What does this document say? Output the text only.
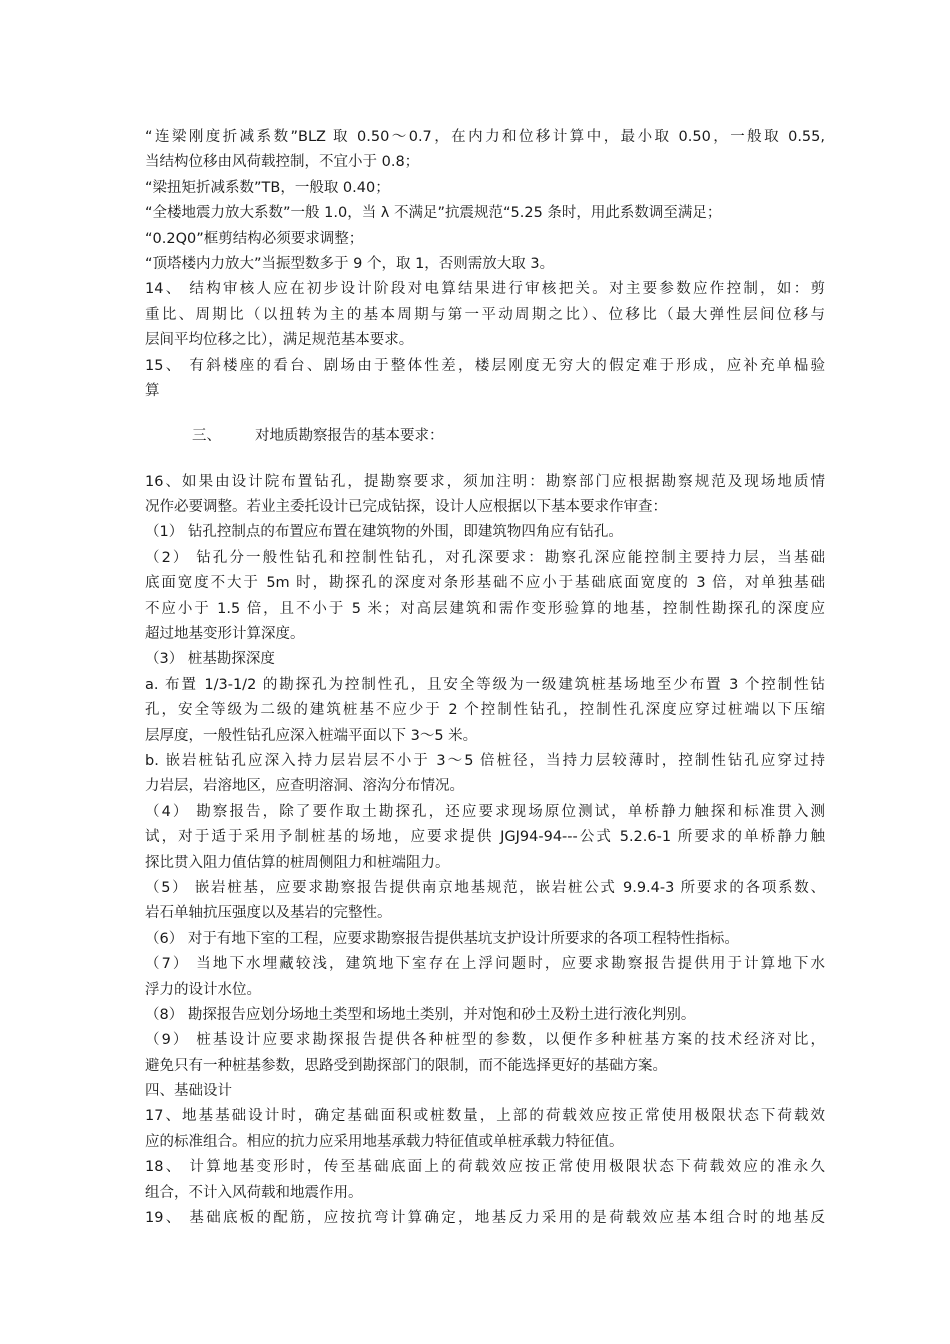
“连梁刚度折减系数”BLZ 取 0.50～0.7，在内力和位移计算中，最小取 0.50，一般取 0.55,
当结构位移由风荷载控制，不宜小于 0.8；
“梁扭矩折减系数”TB，一般取 0.40；
“全楼地震力放大系数”一般 1.0，当 λ 不满足”抗震规范“5.25 条时，用此系数调至满足；
“0.2Q0”框剪结构必须要求调整；
“顶塔楼内力放大”当振型数多于 9 个，取 1，否则需放大取 3。
14、 结构审核人应在初步设计阶段对电算结果进行审核把关。对主要参数应作控制，如：剪
重比、周期比（以扭转为主的基本周期与第一平动周期之比）、位移比（最大弹性层间位移与
层间平均位移之比），满足规范基本要求。
15、 有斜楼座的看台、剧场由于整体性差，楼层刚度无穷大的假定难于形成，应补充单榀验
算
三、 对地质勘察报告的基本要求：
16、如果由设计院布置钻孔，提勘察要求，须加注明：勘察部门应根据勘察规范及现场地质情
况作必要调整。若业主委托设计已完成钻探，设计人应根据以下基本要求作审查：
（1） 钻孔控制点的布置应布置在建筑物的外围，即建筑物四角应有钻孔。
（2） 钻孔分一般性钻孔和控制性钻孔，对孔深要求：勘察孔深应能控制主要持力层，当基础
底面宽度不大于 5m 时，勘探孔的深度对条形基础不应小于基础底面宽度的 3 倍，对单独基础
不应小于 1.5 倍，且不小于 5 米；对高层建筑和需作变形验算的地基，控制性勘探孔的深度应
超过地基变形计算深度。
（3） 桩基勘探深度
a. 布置 1/3-1/2 的勘探孔为控制性孔，且安全等级为一级建筑桩基场地至少布置 3 个控制性钻
孔，安全等级为二级的建筑桩基不应少于 2 个控制性钻孔，控制性孔深度应穿过桩端以下压缩
层厚度，一般性钻孔应深入桩端平面以下 3～5 米。
b. 嵌岩桩钻孔应深入持力层岩层不小于 3～5 倍桩径，当持力层较薄时，控制性钻孔应穿过持
力岩层，岩溶地区，应查明溶洞、溶沟分布情况。
（4） 勘察报告，除了要作取土勘探孔，还应要求现场原位测试，单桥静力触探和标准贯入测
试，对于适于采用予制桩基的场地，应要求提供 JGJ94-94---公式 5.2.6-1 所要求的单桥静力触
探比贯入阻力值估算的桩周侧阻力和桩端阻力。
（5） 嵌岩桩基，应要求勘察报告提供南京地基规范，嵌岩桩公式 9.9.4-3 所要求的各项系数、
岩石单轴抗压强度以及基岩的完整性。
（6） 对于有地下室的工程，应要求勘察报告提供基坑支护设计所要求的各项工程特性指标。
（7） 当地下水埋藏较浅，建筑地下室存在上浮问题时，应要求勘察报告提供用于计算地下水
浮力的设计水位。
（8） 勘探报告应划分场地土类型和场地土类别，并对饱和砂土及粉土进行液化判别。
（9） 桩基设计应要求勘探报告提供各种桩型的参数，以便作多种桩基方案的技术经济对比，
避免只有一种桩基参数，思路受到勘探部门的限制，而不能选择更好的基础方案。
四、基础设计
17、地基基础设计时，确定基础面积或桩数量，上部的荷载效应按正常使用极限状态下荷载效
应的标准组合。相应的抗力应采用地基承载力特征值或单桩承载力特征值。
18、 计算地基变形时，传至基础底面上的荷载效应按正常使用极限状态下荷载效应的准永久
组合，不计入风荷载和地震作用。
19、 基础底板的配筋，应按抗弯计算确定，地基反力采用的是荷载效应基本组合时的地基反
